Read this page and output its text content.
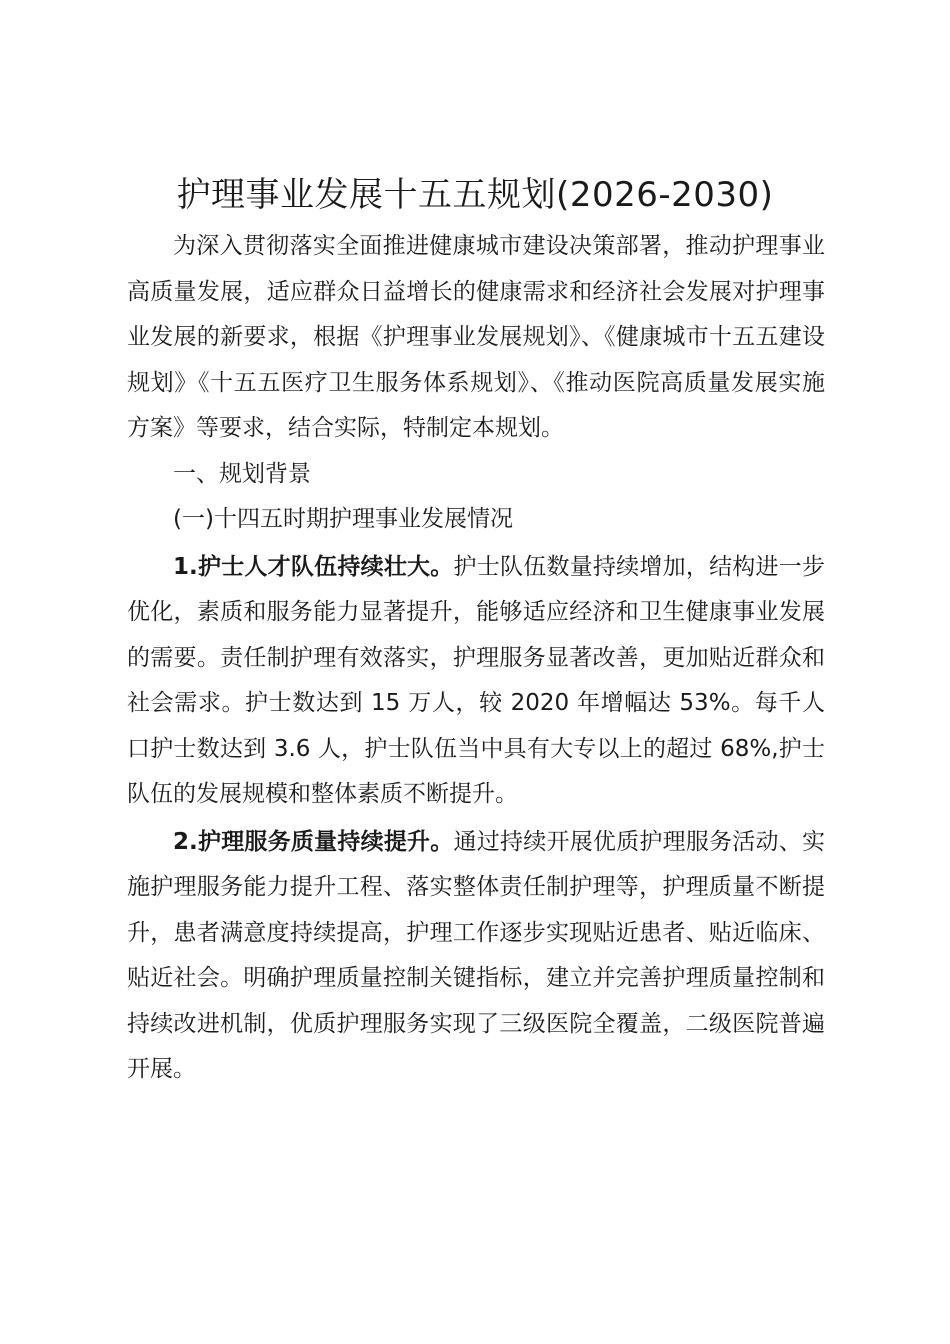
护理事业发展十五五规划(2026-2030)

为深入贯彻落实全面推进健康城市建设决策部署，推动护理事业高质量发展，适应群众日益增长的健康需求和经济社会发展对护理事业发展的新要求，根据《护理事业发展规划》、《健康城市十五五建设规划》《十五五医疗卫生服务体系规划》、《推动医院高质量发展实施方案》等要求，结合实际，特制定本规划。

一、规划背景

(一)十四五时期护理事业发展情况

1.护士人才队伍持续壮大。护士队伍数量持续增加，结构进一步优化，素质和服务能力显著提升，能够适应经济和卫生健康事业发展的需要。责任制护理有效落实，护理服务显著改善，更加贴近群众和社会需求。护士数达到 15 万人，较 2020 年增幅达 53%。每千人口护士数达到 3.6 人，护士队伍当中具有大专以上的超过 68%,护士队伍的发展规模和整体素质不断提升。

2.护理服务质量持续提升。通过持续开展优质护理服务活动、实施护理服务能力提升工程、落实整体责任制护理等，护理质量不断提升，患者满意度持续提高，护理工作逐步实现贴近患者、贴近临床、贴近社会。明确护理质量控制关键指标，建立并完善护理质量控制和持续改进机制，优质护理服务实现了三级医院全覆盖，二级医院普遍开展。
